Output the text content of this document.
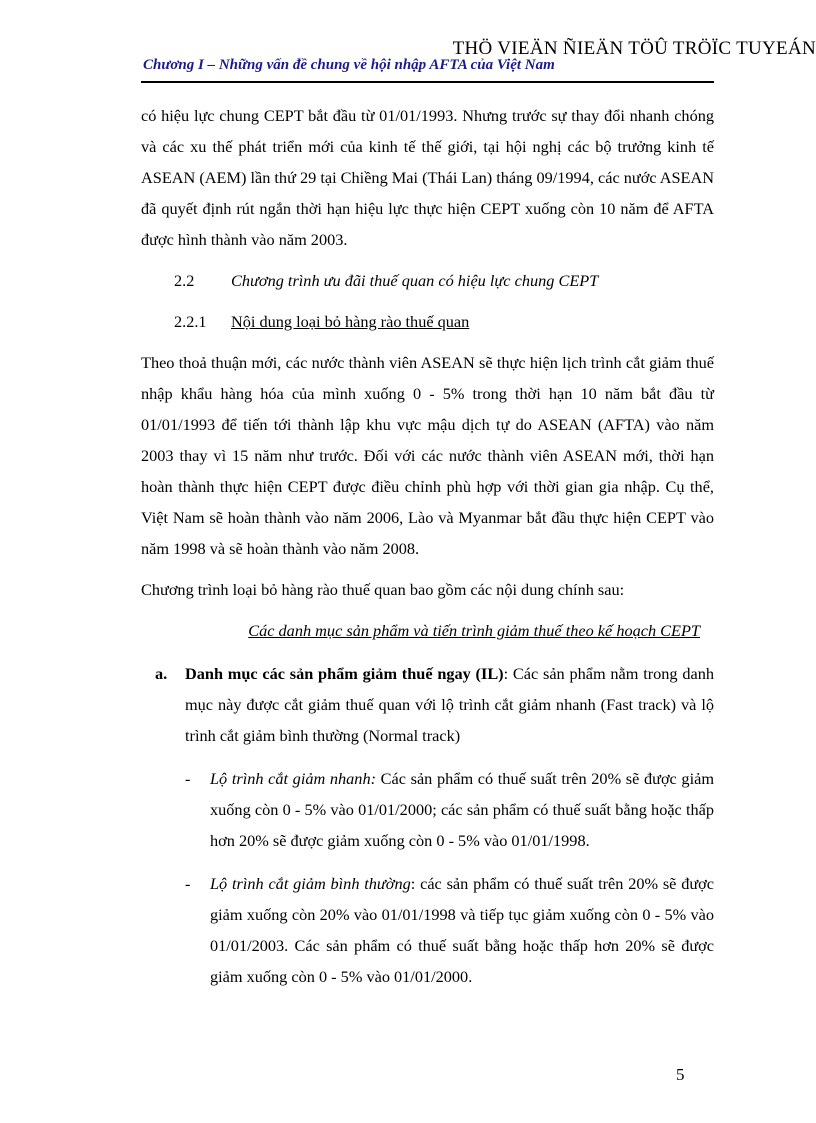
THÖ VIEÄN ÑIEÄN TÖÛ TRÖÏC TUYEÁN
Chương I – Những vấn đề chung về hội nhập AFTA của Việt Nam

có hiệu lực chung CEPT bắt đầu từ 01/01/1993. Nhưng trước sự thay đổi nhanh chóng và các xu thế phát triển mới của kinh tế thế giới, tại hội nghị các bộ trưởng kinh tế ASEAN (AEM) lần thứ 29 tại Chiềng Mai (Thái Lan) tháng 09/1994, các nước ASEAN đã quyết định rút ngắn thời hạn hiệu lực thực hiện CEPT xuống còn 10 năm để AFTA được hình thành vào năm 2003.

2.2 Chương trình ưu đãi thuế quan có hiệu lực chung CEPT
2.2.1 Nội dung loại bỏ hàng rào thuế quan

Theo thoả thuận mới, các nước thành viên ASEAN sẽ thực hiện lịch trình cắt giảm thuế nhập khẩu hàng hóa của mình xuống 0 - 5% trong thời hạn 10 năm bắt đầu từ 01/01/1993 để tiến tới thành lập khu vực mậu dịch tự do ASEAN (AFTA) vào năm 2003 thay vì 15 năm như trước. Đối với các nước thành viên ASEAN mới, thời hạn hoàn thành thực hiện CEPT được điều chỉnh phù hợp với thời gian gia nhập. Cụ thể, Việt Nam sẽ hoàn thành vào năm 2006, Lào và Myanmar bắt đầu thực hiện CEPT vào năm 1998 và sẽ hoàn thành vào năm 2008.

Chương trình loại bỏ hàng rào thuế quan bao gồm các nội dung chính sau:

Các danh mục sản phẩm và tiến trình giảm thuế theo kế hoạch CEPT
a. Danh mục các sản phẩm giảm thuế ngay (IL): Các sản phẩm nằm trong danh mục này được cắt giảm thuế quan với lộ trình cắt giảm nhanh (Fast track) và lộ trình cắt giảm bình thường (Normal track)
- Lộ trình cắt giảm nhanh: Các sản phẩm có thuế suất trên 20% sẽ được giảm xuống còn 0 - 5% vào 01/01/2000; các sản phẩm có thuế suất bằng hoặc thấp hơn 20% sẽ được giảm xuống còn 0 - 5% vào 01/01/1998.
- Lộ trình cắt giảm bình thường: các sản phẩm có thuế suất trên 20% sẽ được giảm xuống còn 20% vào 01/01/1998 và tiếp tục giảm xuống còn 0 - 5% vào 01/01/2003. Các sản phẩm có thuế suất bằng hoặc thấp hơn 20% sẽ được giảm xuống còn 0 - 5% vào 01/01/2000.
5
